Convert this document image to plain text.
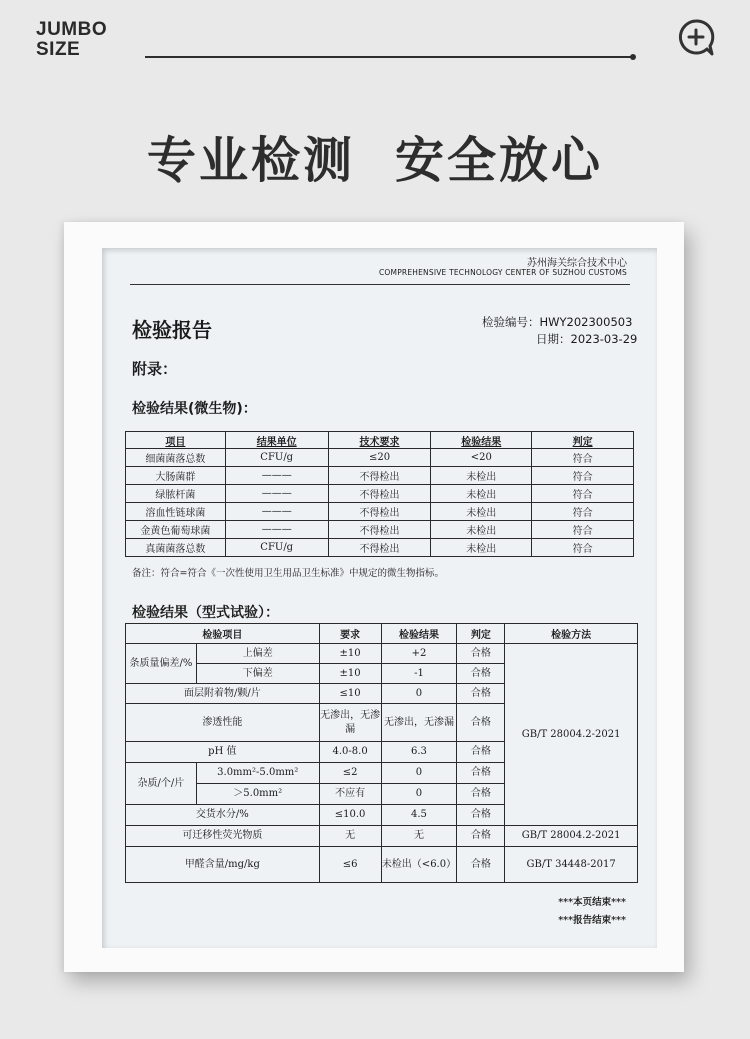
JUMBO
SIZE
专业检测 安全放心
苏州海关综合技术中心
COMPREHENSIVE TECHNOLOGY CENTER OF SUZHOU CUSTOMS
检验报告	检验编号：HWY202300503
日期：2023-03-29
附录：
检验结果(微生物)：
项目	结果单位	技术要求	检验结果	判定
细菌菌落总数	CFU/g	≤20	<20	符合
大肠菌群	———	不得检出	未检出	符合
绿脓杆菌	———	不得检出	未检出	符合
溶血性链球菌	———	不得检出	未检出	符合
金黄色葡萄球菌	———	不得检出	未检出	符合
真菌菌落总数	CFU/g	不得检出	未检出	符合
备注：符合=符合《一次性使用卫生用品卫生标准》中规定的微生物指标。
检验结果（型式试验）：
检验项目		要求	检验结果	判定	检验方法
条质量偏差/%	上偏差	±10	+2	合格	GB/T 28004.2-2021
	下偏差	±10	-1	合格	
面层附着物/颗/片		≤10	0	合格	
渗透性能		无渗出，无渗漏	无渗出，无渗漏	合格	
pH 值		4.0-8.0	6.3	合格	
杂质/个/片	3.0mm²-5.0mm²	≤2	0	合格	
	＞5.0mm²	不应有	0	合格	
交货水分/%		≤10.0	4.5	合格	
可迁移性荧光物质		无	无	合格	GB/T 28004.2-2021
甲醛含量/mg/kg		≤6	未检出（<6.0）	合格	GB/T 34448-2017
***本页结束***
***报告结束***
